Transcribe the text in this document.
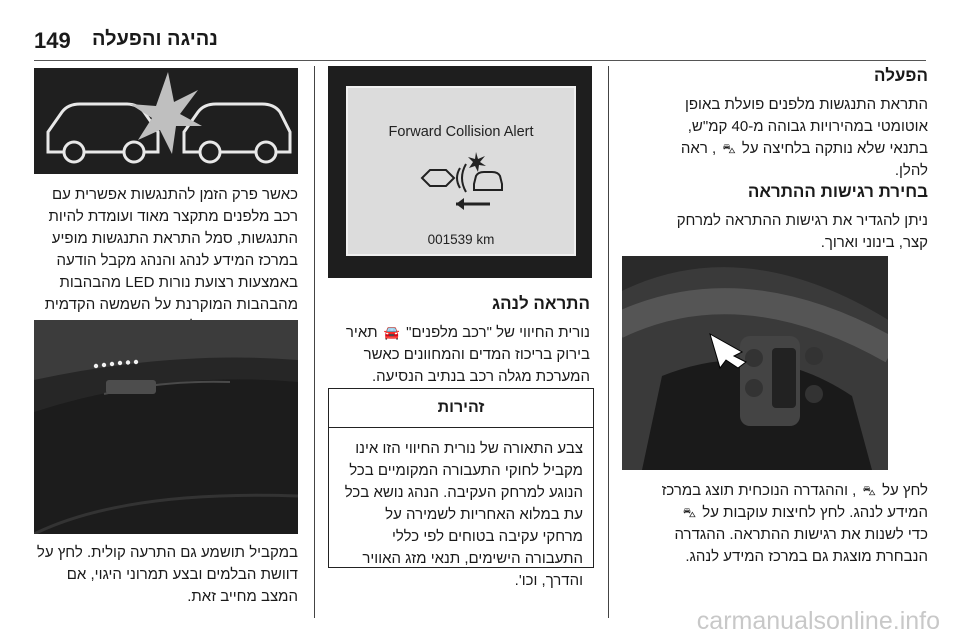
149 נהיגה והפעלה
הפעלה
התראת התנגשות מלפנים פועלת באופן
אוטומטי במהירויות גבוהה מ-40 קמ"ש,
בתנאי שלא נותקה בלחיצה על ⛍ , ראה
להלן.
בחירת רגישות ההתראה
ניתן להגדיר את רגישות ההתראה למרחק
קצר, בינוני וארוך.
לחץ על ⛍ , וההגדרה הנוכחית תוצג במרכז
המידע לנהג. לחץ לחיצות עוקבות על ⛍
כדי לשנות את רגישות ההתראה. ההגדרה
הנבחרת מוצגת גם במרכז המידע לנהג.
Forward Collision Alert
001539 km
התראה לנהג
נורית החיווי של "רכב מלפנים" 🚘 תאיר
בירוק בריכוז המדים והמחוונים כאשר
המערכת מגלה רכב בנתיב הנסיעה.
זהירות
צבע התאורה של נורית החיווי הזו אינו
מקביל לחוקי התעבורה המקומיים בכל
הנוגע למרחק העקיבה. הנהג נושא בכל
עת במלוא האחריות לשמירה על
מרחקי עקיבה בטוחים לפי כללי
התעבורה הישימים, תנאי מזג האוויר
והדרך, וכו'.
כאשר פרק הזמן להתנגשות אפשרית עם
רכב מלפנים מתקצר מאוד ועומדת להיות
התנגשות, סמל התראת התנגשות מופיע
במרכז המידע לנהג והנהג מקבל הודעה
באמצעות רצועת נורות LED מהבהבות
מהבהבות המוקרנת על השמשה הקדמית
במקביל תושמע גם התרעה קולית. לחץ על
דוושת הבלמים ובצע תמרוני היגוי, אם
המצב מחייב זאת.
carmanualsonline.info
